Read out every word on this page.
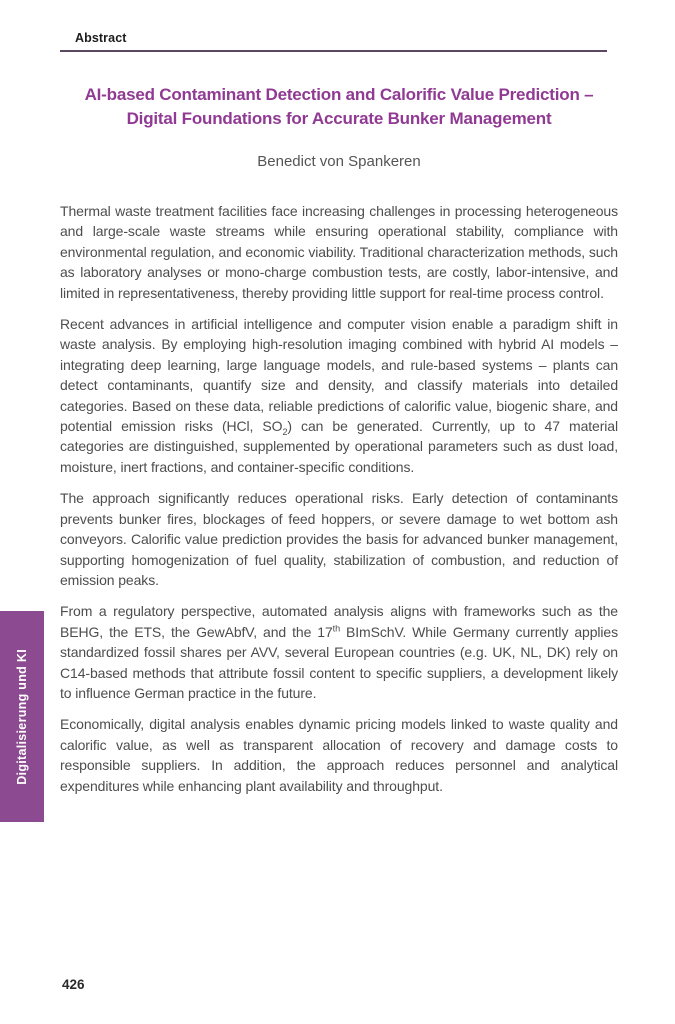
Abstract
AI-based Contaminant Detection and Calorific Value Prediction –
Digital Foundations for Accurate Bunker Management
Benedict von Spankeren

Thermal waste treatment facilities face increasing challenges in processing heterogeneous and large-scale waste streams while ensuring operational stability, compliance with environmental regulation, and economic viability. Traditional characterization methods, such as laboratory analyses or mono-charge combustion tests, are costly, labor-intensive, and limited in representativeness, thereby providing little support for real-time process control.

Recent advances in artificial intelligence and computer vision enable a paradigm shift in waste analysis. By employing high-resolution imaging combined with hybrid AI models – integrating deep learning, large language models, and rule-based systems – plants can detect contaminants, quantify size and density, and classify materials into detailed categories. Based on these data, reliable predictions of calorific value, biogenic share, and potential emission risks (HCl, $SO_2$) can be generated. Currently, up to 47 material categories are distinguished, supplemented by operational parameters such as dust load, moisture, inert fractions, and container-specific conditions.

The approach significantly reduces operational risks. Early detection of contaminants prevents bunker fires, blockages of feed hoppers, or severe damage to wet bottom ash conveyors. Calorific value prediction provides the basis for advanced bunker management, supporting homogenization of fuel quality, stabilization of combustion, and reduction of emission peaks.

From a regulatory perspective, automated analysis aligns with frameworks such as the BEHG, the ETS, the GewAbfV, and the 17th BImSchV. While Germany currently applies standardized fossil shares per AVV, several European countries (e.g. UK, NL, DK) rely on C14-based methods that attribute fossil content to specific suppliers, a development likely to influence German practice in the future.

Economically, digital analysis enables dynamic pricing models linked to waste quality and calorific value, as well as transparent allocation of recovery and damage costs to responsible suppliers. In addition, the approach reduces personnel and analytical expenditures while enhancing plant availability and throughput.

Digitalisierung und KI
426
